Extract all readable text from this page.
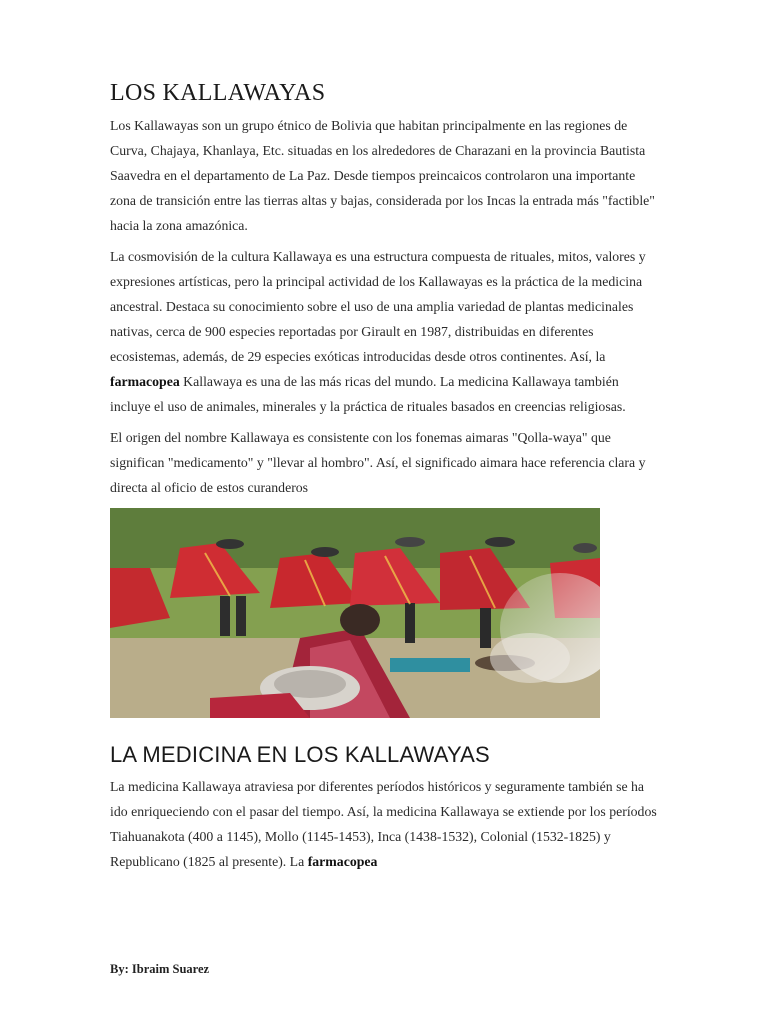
LOS KALLAWAYAS

Los Kallawayas son un grupo étnico de Bolivia que habitan principalmente en las regiones de Curva, Chajaya, Khanlaya, Etc. situadas en los alrededores de Charazani en la provincia Bautista Saavedra en el departamento de La Paz. Desde tiempos preincaicos controlaron una importante zona de transición entre las tierras altas y bajas, considerada por los Incas la entrada más "factible" hacia la zona amazónica.

La cosmovisión de la cultura Kallawaya es una estructura compuesta de rituales, mitos, valores y expresiones artísticas, pero la principal actividad de los Kallawayas es la práctica de la medicina ancestral. Destaca su conocimiento sobre el uso de una amplia variedad de plantas medicinales nativas, cerca de 900 especies reportadas por Girault en 1987, distribuidas en diferentes ecosistemas, además, de 29 especies exóticas introducidas desde otros continentes. Así, la farmacopea Kallawaya es una de las más ricas del mundo. La medicina Kallawaya también incluye el uso de animales, minerales y la práctica de rituales basados en creencias religiosas.

El origen del nombre Kallawaya es consistente con los fonemas aimaras "Qolla-waya" que significan "medicamento" y "llevar al hombro". Así, el significado aimara hace referencia clara y directa al oficio de estos curanderos

LA MEDICINA EN LOS KALLAWAYAS

La medicina Kallawaya atraviesa por diferentes períodos históricos y seguramente también se ha ido enriqueciendo con el pasar del tiempo. Así, la medicina Kallawaya se extiende por los períodos Tiahuanakota (400 a 1145), Mollo (1145-1453), Inca (1438-1532), Colonial (1532-1825) y Republicano (1825 al presente). La farmacopea

By: Ibraim Suarez
